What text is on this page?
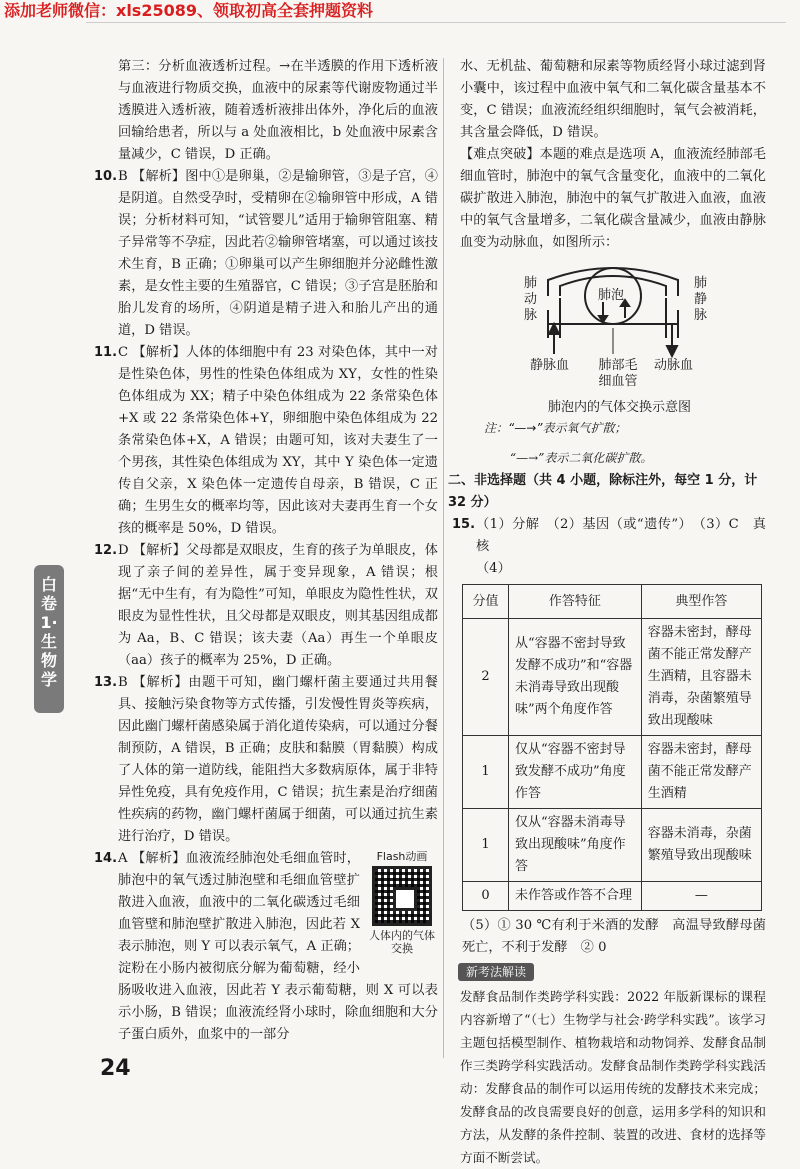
添加老师微信：xls25089、领取初高全套押题资料
白卷1·生物学

第三：分析血液透析过程。→在半透膜的作用下透析液与血液进行物质交换，血液中的尿素等代谢废物通过半透膜进入透析液，随着透析液排出体外，净化后的血液回输给患者，所以与 a 处血液相比，b 处血液中尿素含量减少，C 错误，D 正确。

10. B 【解析】图中①是卵巢，②是输卵管，③是子宫，④是阴道。自然受孕时，受精卵在②输卵管中形成，A 错误；分析材料可知，“试管婴儿”适用于输卵管阻塞、精子异常等不孕症，因此若②输卵管堵塞，可以通过该技术生育，B 正确；①卵巢可以产生卵细胞并分泌雌性激素，是女性主要的生殖器官，C 错误；③子宫是胚胎和胎儿发育的场所，④阴道是精子进入和胎儿产出的通道，D 错误。
11. C 【解析】人体的体细胞中有 23 对染色体，其中一对是性染色体，男性的性染色体组成为 XY，女性的性染色体组成为 XX；精子中染色体组成为 22 条常染色体+X 或 22 条常染色体+Y，卵细胞中染色体组成为 22 条常染色体+X，A 错误；由题可知，该对夫妻生了一个男孩，其性染色体组成为 XY，其中 Y 染色体一定遗传自父亲，X 染色体一定遗传自母亲，B 错误，C 正确；生男生女的概率均等，因此该对夫妻再生育一个女孩的概率是 50%，D 错误。
12. D 【解析】父母都是双眼皮，生育的孩子为单眼皮，体现了亲子间的差异性，属于变异现象，A 错误；根据“无中生有，有为隐性”可知，单眼皮为隐性性状，双眼皮为显性性状，且父母都是双眼皮，则其基因组成都为 Aa，B、C 错误；该夫妻（Aa）再生一个单眼皮（aa）孩子的概率为 25%，D 正确。
13. B 【解析】由题干可知，幽门螺杆菌主要通过共用餐具、接触污染食物等方式传播，引发慢性胃炎等疾病，因此幽门螺杆菌感染属于消化道传染病，可以通过分餐制预防，A 错误，B 正确；皮肤和黏膜（胃黏膜）构成了人体的第一道防线，能阻挡大多数病原体，属于非特异性免疫，具有免疫作用，C 错误；抗生素是治疗细菌性疾病的药物，幽门螺杆菌属于细菌，可以通过抗生素进行治疗，D 错误。
14.	Flash动画
人体内的气体交换
A 【解析】血液流经肺泡处毛细血管时，肺泡中的氧气透过肺泡壁和毛细血管壁扩散进入血液，血液中的二氧化碳透过毛细血管壁和肺泡壁扩散进入肺泡，因此若 X 表示肺泡，则 Y 可以表示氧气，A 正确；淀粉在小肠内被彻底分解为葡萄糖，经小肠吸收进入血液，因此若 Y 表示葡萄糖，则 X 可以表示小肠，B 错误；血液流经肾小球时，除血细胞和大分子蛋白质外，血浆中的一部分

水、无机盐、葡萄糖和尿素等物质经肾小球过滤到肾小囊中，该过程中血液中氧气和二氧化碳含量基本不变，C 错误；血液流经组织细胞时，氧气会被消耗，其含量会降低，D 错误。

【难点突破】本题的难点是选项 A，血液流经肺部毛细血管时，肺泡中的氧气含量变化，血液中的二氧化碳扩散进入肺泡，肺泡中的氧气扩散进入血液，血液中的氧气含量增多，二氧化碳含量减少，血液由静脉血变为动脉血，如图所示：

肺泡
肺动脉
肺静脉
静脉血	肺部毛细血管
动脉血
肺泡内的气体交换示意图
注：“—→”表示氧气扩散；
“—→”表示二氧化碳扩散。
二、非选择题（共 4 小题，除标注外，每空 1 分，计 32 分）
15. （1）分解　（2）基因（或“遗传”）　（3）C　真核
（4）
分值	作答特征	典型作答
2	从“容器不密封导致发酵不成功”和“容器未消毒导致出现酸味”两个角度作答	容器未密封，酵母菌不能正常发酵产生酒精，且容器未消毒，杂菌繁殖导致出现酸味
1	仅从“容器不密封导致发酵不成功”角度作答	容器未密封，酵母菌不能正常发酵产生酒精
1	仅从“容器未消毒导致出现酸味”角度作答	容器未消毒，杂菌繁殖导致出现酸味
0	未作答或作答不合理	—

（5）① 30 ℃有利于米酒的发酵　高温导致酵母菌死亡，不利于发酵　② 0

新考法解读

发酵食品制作类跨学科实践：2022 年版新课标的课程内容新增了“（七）生物学与社会·跨学科实践”。该学习主题包括模型制作、植物栽培和动物饲养、发酵食品制作三类跨学科实践活动。发酵食品制作类跨学科实践活动：发酵食品的制作可以运用传统的发酵技术来完成；发酵食品的改良需要良好的创意，运用多学科的知识和方法，从发酵的条件控制、装置的改进、食材的选择等方面不断尝试。

24
